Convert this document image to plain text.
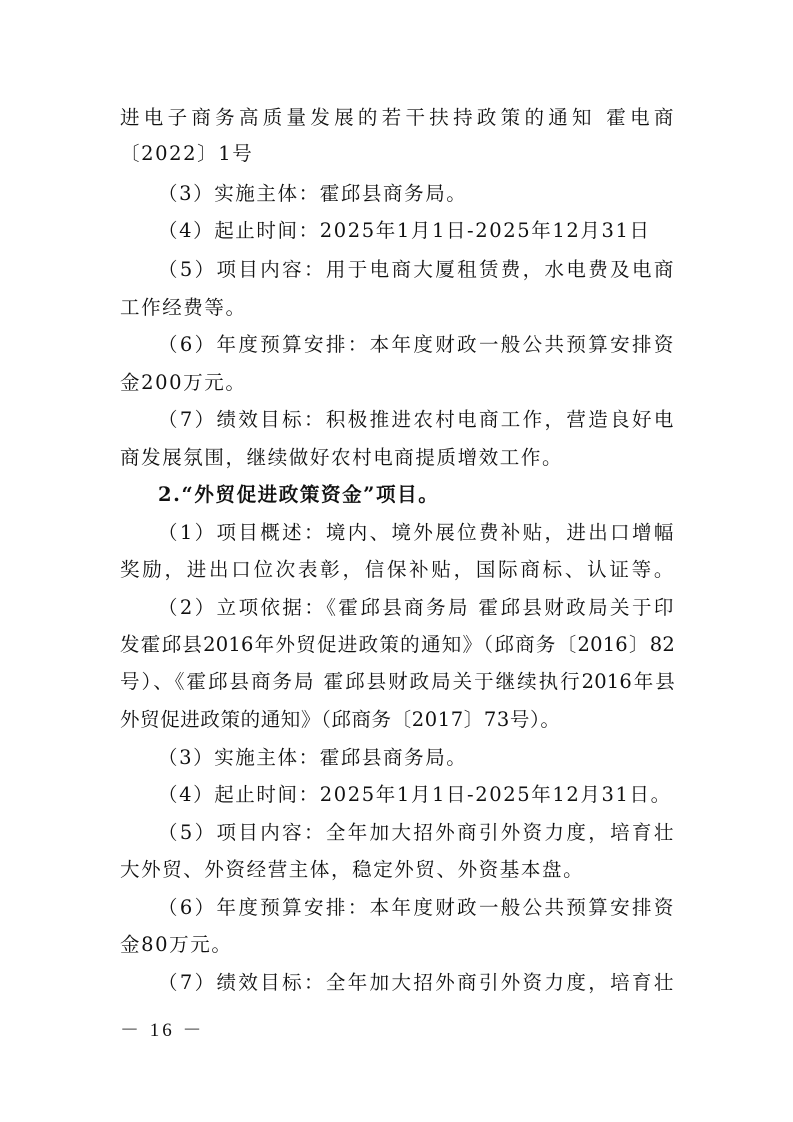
进电子商务高质量发展的若干扶持政策的通知 霍电商
〔2022〕1号
（3）实施主体：霍邱县商务局。
（4）起止时间：2025年1月1日-2025年12月31日
（5）项目内容：用于电商大厦租赁费，水电费及电商
工作经费等。
（6）年度预算安排：本年度财政一般公共预算安排资
金200万元。
（7）绩效目标：积极推进农村电商工作，营造良好电
商发展氛围，继续做好农村电商提质增效工作。
2.“外贸促进政策资金”项目。
（1）项目概述：境内、境外展位费补贴，进出口增幅
奖励，进出口位次表彰，信保补贴，国际商标、认证等。
（2）立项依据：《霍邱县商务局 霍邱县财政局关于印
发霍邱县2016年外贸促进政策的通知》（邱商务〔2016〕82
号）、《霍邱县商务局 霍邱县财政局关于继续执行2016年县
外贸促进政策的通知》（邱商务〔2017〕73号）。
（3）实施主体：霍邱县商务局。
（4）起止时间：2025年1月1日-2025年12月31日。
（5）项目内容：全年加大招外商引外资力度，培育壮
大外贸、外资经营主体，稳定外贸、外资基本盘。
（6）年度预算安排：本年度财政一般公共预算安排资
金80万元。
（7）绩效目标：全年加大招外商引外资力度，培育壮
－ 16 －
